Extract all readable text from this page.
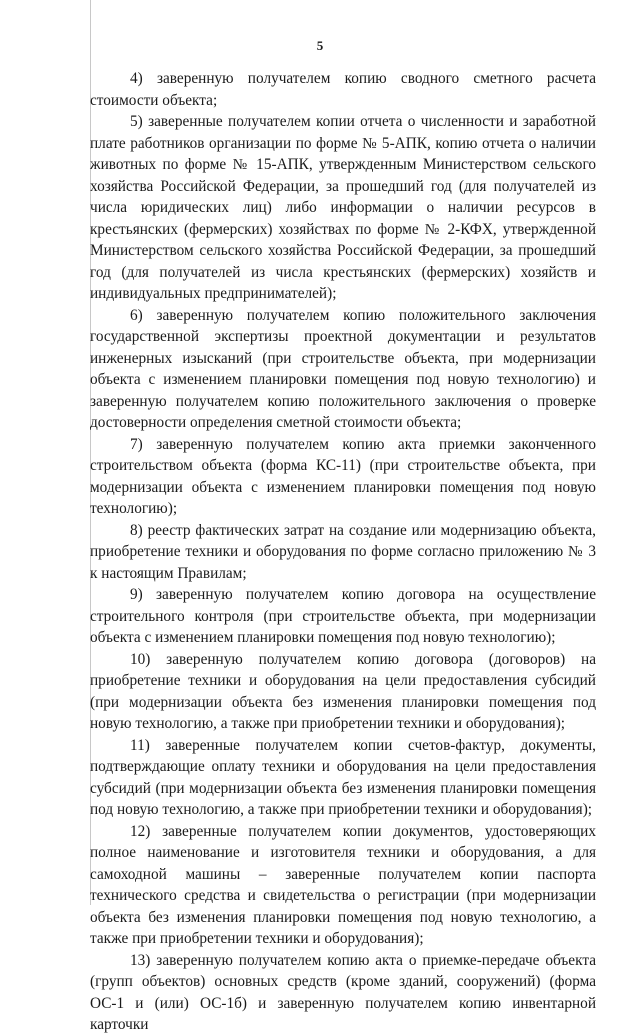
5

4) заверенную получателем копию сводного сметного расчета стоимости объекта;

5) заверенные получателем копии отчета о численности и заработной плате работников организации по форме № 5-АПК, копию отчета о наличии животных по форме № 15-АПК, утвержденным Министерством сельского хозяйства Российской Федерации, за прошедший год (для получателей из числа юридических лиц) либо информации о наличии ресурсов в крестьянских (фермерских) хозяйствах по форме № 2-КФХ, утвержденной Министерством сельского хозяйства Российской Федерации, за прошедший год (для получателей из числа крестьянских (фермерских) хозяйств и индивидуальных предпринимателей);

6) заверенную получателем копию положительного заключения государственной экспертизы проектной документации и результатов инженерных изысканий (при строительстве объекта, при модернизации объекта с изменением планировки помещения под новую технологию) и заверенную получателем копию положительного заключения о проверке достоверности определения сметной стоимости объекта;

7) заверенную получателем копию акта приемки законченного строительством объекта (форма КС-11) (при строительстве объекта, при модернизации объекта с изменением планировки помещения под новую технологию);

8) реестр фактических затрат на создание или модернизацию объекта, приобретение техники и оборудования по форме согласно приложению № 3 к настоящим Правилам;

9) заверенную получателем копию договора на осуществление строительного контроля (при строительстве объекта, при модернизации объекта с изменением планировки помещения под новую технологию);

10) заверенную получателем копию договора (договоров) на приобретение техники и оборудования на цели предоставления субсидий (при модернизации объекта без изменения планировки помещения под новую технологию, а также при приобретении техники и оборудования);

11) заверенные получателем копии счетов-фактур, документы, подтверждающие оплату техники и оборудования на цели предоставления субсидий (при модернизации объекта без изменения планировки помещения под новую технологию, а также при приобретении техники и оборудования);

12) заверенные получателем копии документов, удостоверяющих полное наименование и изготовителя техники и оборудования, а для самоходной машины – заверенные получателем копии паспорта технического средства и свидетельства о регистрации (при модернизации объекта без изменения планировки помещения под новую технологию, а также при приобретении техники и оборудования);

13) заверенную получателем копию акта о приемке-передаче объекта (групп объектов) основных средств (кроме зданий, сооружений) (форма ОС-1 и (или) ОС-1б) и заверенную получателем копию инвентарной карточки
